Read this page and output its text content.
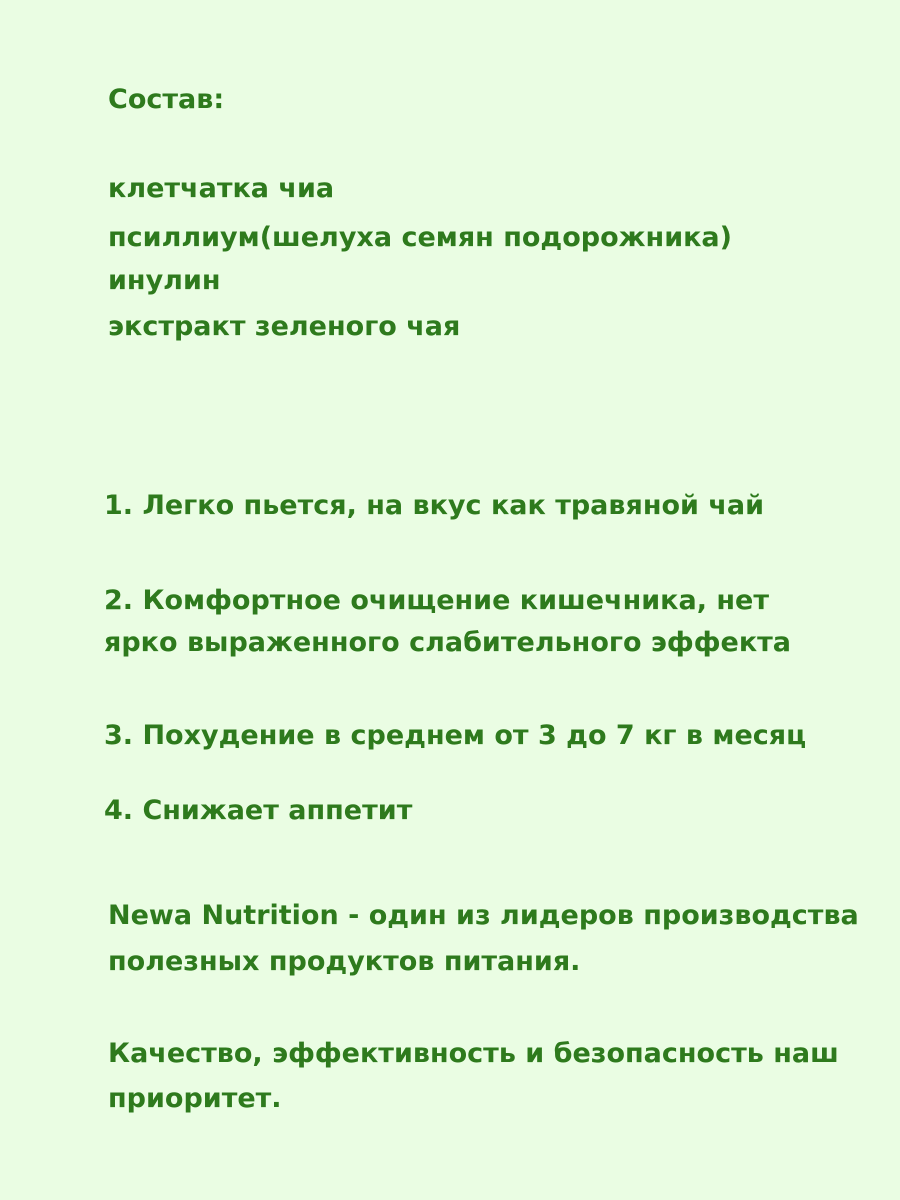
Состав:

клетчатка чиа

псиллиум(шелуха семян подорожника)

инулин

экстракт зеленого чая

1. Легко пьется, на вкус как травяной чай

2. Комфортное очищение кишечника, нет

ярко выраженного слабительного эффекта

3. Похудение в среднем от 3 до 7 кг в месяц

4. Снижает аппетит

Newa Nutrition - один из лидеров производства

полезных продуктов питания.

Качество, эффективность и безопасность наш

приоритет.
